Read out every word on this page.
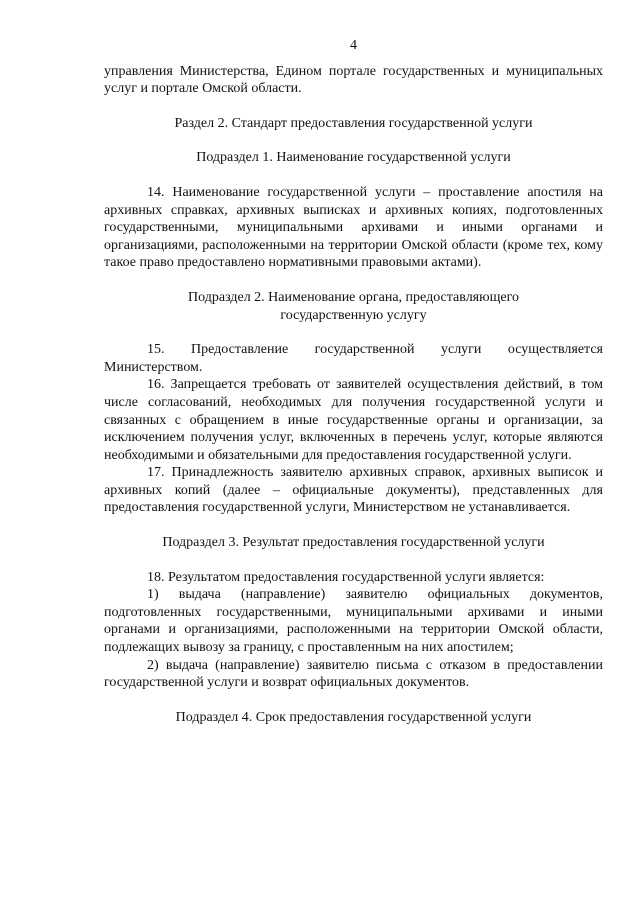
4

управления Министерства, Едином портале государственных и муниципальных услуг и портале Омской области.

Раздел 2. Стандарт предоставления государственной услуги

Подраздел 1. Наименование государственной услуги

14. Наименование государственной услуги – проставление апостиля на архивных справках, архивных выписках и архивных копиях, подготовленных государственными, муниципальными архивами и иными органами и организациями, расположенными на территории Омской области (кроме тех, кому такое право предоставлено нормативными правовыми актами).

Подраздел 2. Наименование органа, предоставляющего

государственную услугу

15. Предоставление государственной услуги осуществляется Министерством.

16. Запрещается требовать от заявителей осуществления действий, в том числе согласований, необходимых для получения государственной услуги и связанных с обращением в иные государственные органы и организации, за исключением получения услуг, включенных в перечень услуг, которые являются необходимыми и обязательными для предоставления государственной услуги.

17. Принадлежность заявителю архивных справок, архивных выписок и архивных копий (далее – официальные документы), представленных для предоставления государственной услуги, Министерством не устанавливается.

Подраздел 3. Результат предоставления государственной услуги

18. Результатом предоставления государственной услуги является:

1) выдача (направление) заявителю официальных документов, подготовленных государственными, муниципальными архивами и иными органами и организациями, расположенными на территории Омской области, подлежащих вывозу за границу, с проставленным на них апостилем;

2) выдача (направление) заявителю письма с отказом в предоставлении государственной услуги и возврат официальных документов.

Подраздел 4. Срок предоставления государственной услуги
